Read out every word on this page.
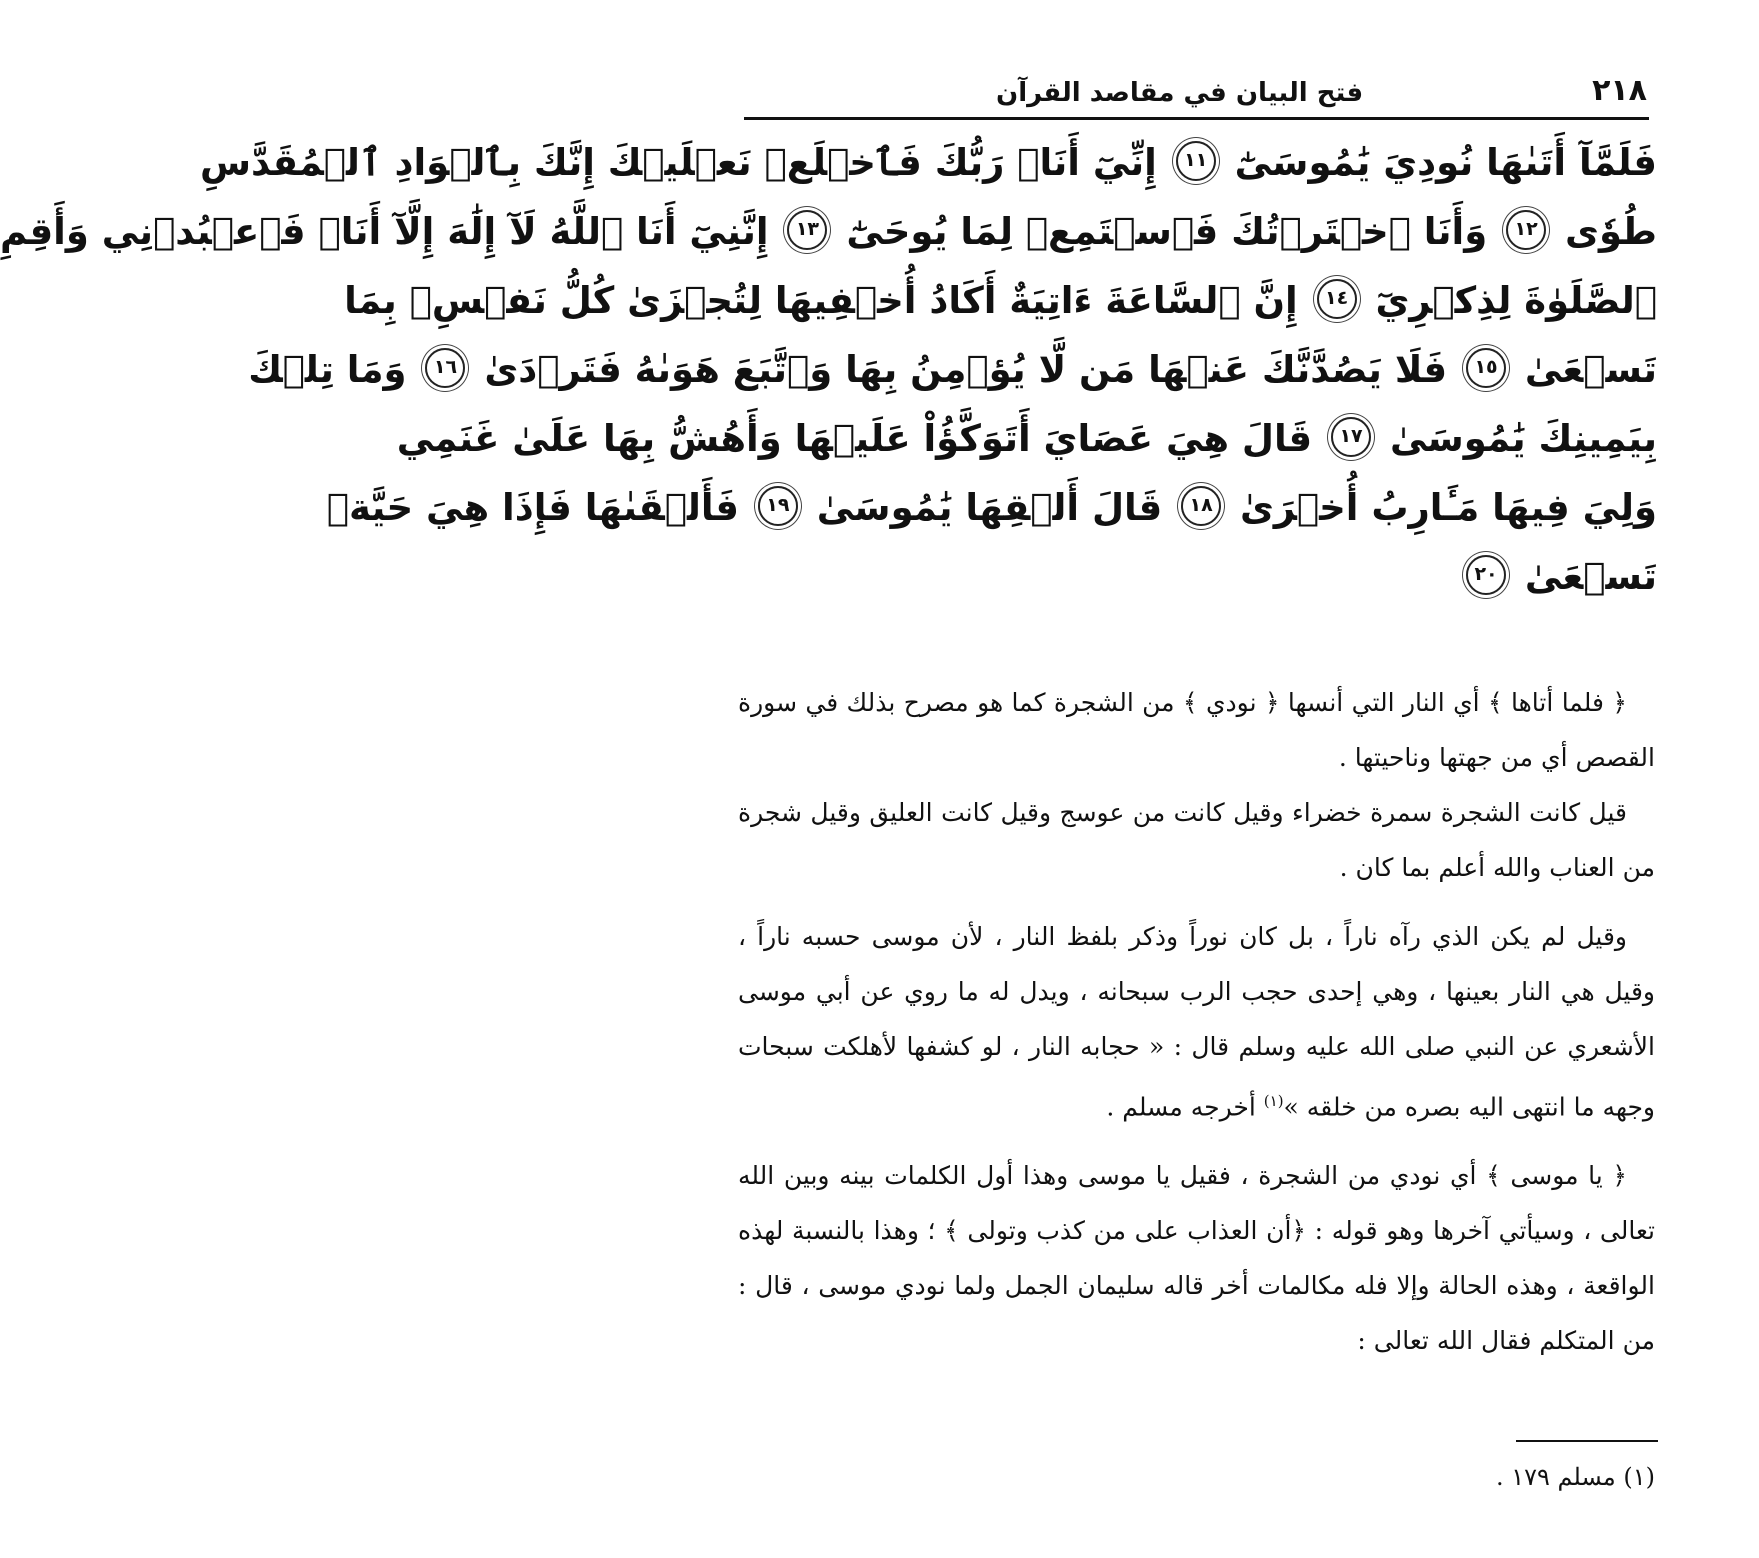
٢١٨
فتح البيان في مقاصد القرآن
فَلَمَّآ أَتَىٰهَا نُودِيَ يَٰمُوسَىٰٓ ١١ إِنِّيٓ أَنَا۠ رَبُّكَ فَٱخۡلَعۡ نَعۡلَيۡكَ إِنَّكَ بِٱلۡوَادِ ٱلۡمُقَدَّسِ
طُوٗى ١٢ وَأَنَا ٱخۡتَرۡتُكَ فَٱسۡتَمِعۡ لِمَا يُوحَىٰٓ ١٣ إِنَّنِيٓ أَنَا ٱللَّهُ لَآ إِلَٰهَ إِلَّآ أَنَا۠ فَٱعۡبُدۡنِي وَأَقِمِ
ٱلصَّلَوٰةَ لِذِكۡرِيٓ ١٤ إِنَّ ٱلسَّاعَةَ ءَاتِيَةٌ أَكَادُ أُخۡفِيهَا لِتُجۡزَىٰ كُلُّ نَفۡسِۭ بِمَا
تَسۡعَىٰ ١٥ فَلَا يَصُدَّنَّكَ عَنۡهَا مَن لَّا يُؤۡمِنُ بِهَا وَٱتَّبَعَ هَوَىٰهُ فَتَرۡدَىٰ ١٦ وَمَا تِلۡكَ
بِيَمِينِكَ يَٰمُوسَىٰ ١٧ قَالَ هِيَ عَصَايَ أَتَوَكَّؤُاْ عَلَيۡهَا وَأَهُشُّ بِهَا عَلَىٰ غَنَمِي
وَلِيَ فِيهَا مَـَٔارِبُ أُخۡرَىٰ ١٨ قَالَ أَلۡقِهَا يَٰمُوسَىٰ ١٩ فَأَلۡقَىٰهَا فَإِذَا هِيَ حَيَّةٞ
تَسۡعَىٰ ٢٠

﴿ فلما أتاها ﴾ أي النار التي أنسها ﴿ نودي ﴾ من الشجرة كما هو مصرح بذلك في سورة القصص أي من جهتها وناحيتها .

قيل كانت الشجرة سمرة خضراء وقيل كانت من عوسج وقيل كانت العليق وقيل شجرة من العناب والله أعلم بما كان .

وقيل لم يكن الذي رآه ناراً ، بل كان نوراً وذكر بلفظ النار ، لأن موسى حسبه ناراً ، وقيل هي النار بعينها ، وهي إحدى حجب الرب سبحانه ، ويدل له ما روي عن أبي موسى الأشعري عن النبي صلى الله عليه وسلم قال : « حجابه النار ، لو كشفها لأهلكت سبحات وجهه ما انتهى اليه بصره من خلقه »$^{(١)}$ أخرجه مسلم .

﴿ يا موسى ﴾ أي نودي من الشجرة ، فقيل يا موسى وهذا أول الكلمات بينه وبين الله تعالى ، وسيأتي آخرها وهو قوله : ﴿أن العذاب على من كذب وتولى ﴾ ؛ وهذا بالنسبة لهذه الواقعة ، وهذه الحالة وإلا فله مكالمات أخر قاله سليمان الجمل ولما نودي موسى ، قال : من المتكلم فقال الله تعالى :

(١) مسلم ١٧٩ .
